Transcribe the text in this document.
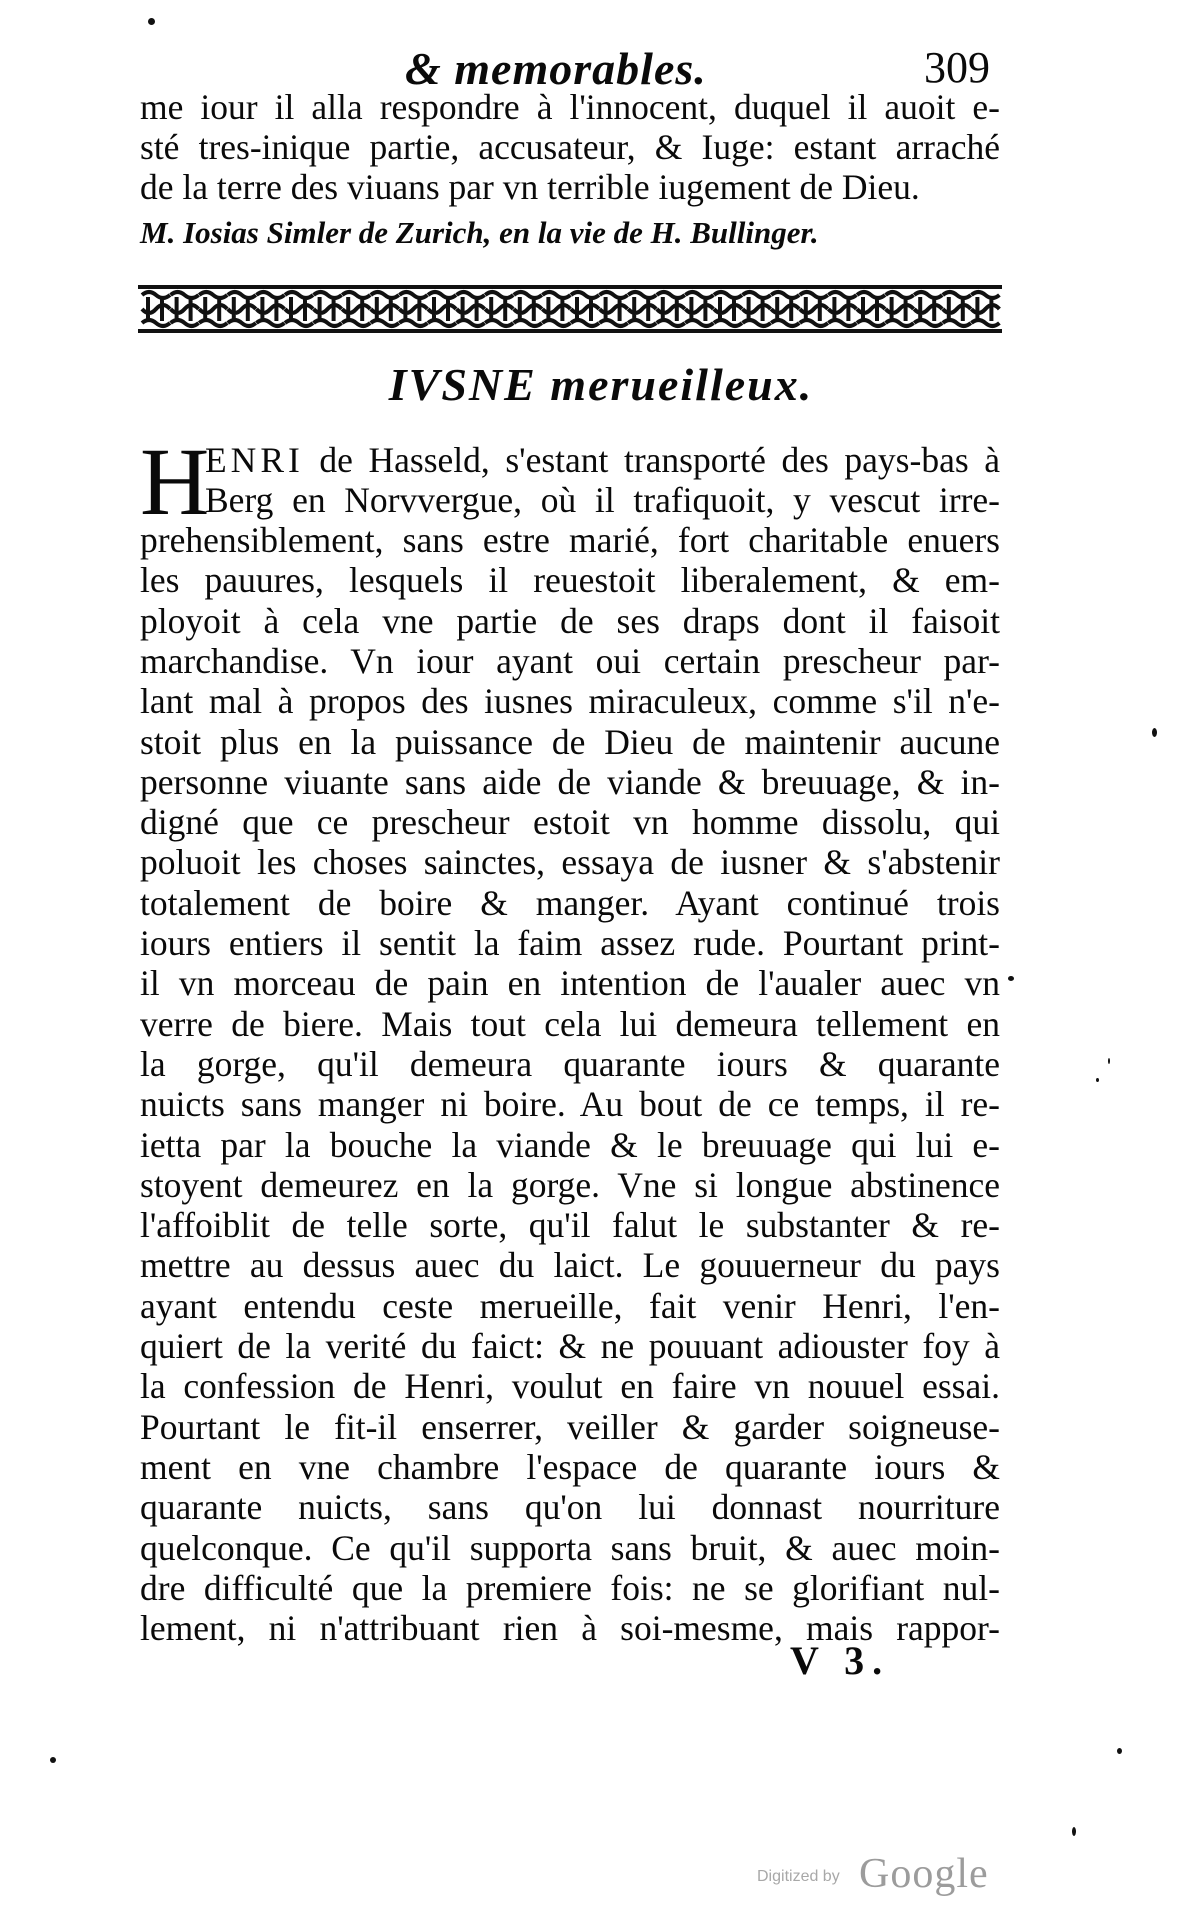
& memorables.	309
me iour il alla respondre à l'innocent, duquel il auoit e-
sté tres-inique partie, accusateur, & Iuge: estant arraché
de la terre des viuans par vn terrible iugement de Dieu.
M. Iosias Simler de Zurich, en la vie de H. Bullinger.
IVSNE merueilleux.
H
ENRI de Hasseld, s'estant transporté des pays-bas à
Berg en Norvvergue, où il trafiquoit, y vescut irre-
prehensiblement, sans estre marié, fort charitable enuers
les pauures, lesquels il reuestoit liberalement, & em-
ployoit à cela vne partie de ses draps dont il faisoit
marchandise. Vn iour ayant oui certain prescheur par-
lant mal à propos des iusnes miraculeux, comme s'il n'e-
stoit plus en la puissance de Dieu de maintenir aucune
personne viuante sans aide de viande & breuuage, & in-
digné que ce prescheur estoit vn homme dissolu, qui
poluoit les choses sainctes, essaya de iusner & s'abstenir
totalement de boire & manger. Ayant continué trois
iours entiers il sentit la faim assez rude. Pourtant print-
il vn morceau de pain en intention de l'aualer auec vn
verre de biere. Mais tout cela lui demeura tellement en
la gorge, qu'il demeura quarante iours & quarante
nuicts sans manger ni boire. Au bout de ce temps, il re-
ietta par la bouche la viande & le breuuage qui lui e-
stoyent demeurez en la gorge. Vne si longue abstinence
l'affoiblit de telle sorte, qu'il falut le substanter & re-
mettre au dessus auec du laict. Le gouuerneur du pays
ayant entendu ceste merueille, fait venir Henri, l'en-
quiert de la verité du faict: & ne pouuant adiouster foy à
la confession de Henri, voulut en faire vn nouuel essai.
Pourtant le fit-il enserrer, veiller & garder soigneuse-
ment en vne chambre l'espace de quarante iours &
quarante nuicts, sans qu'on lui donnast nourriture
quelconque. Ce qu'il supporta sans bruit, & auec moin-
dre difficulté que la premiere fois: ne se glorifiant nul-
lement, ni n'attribuant rien à soi-mesme, mais rappor-
V 3.
Digitized by Google
